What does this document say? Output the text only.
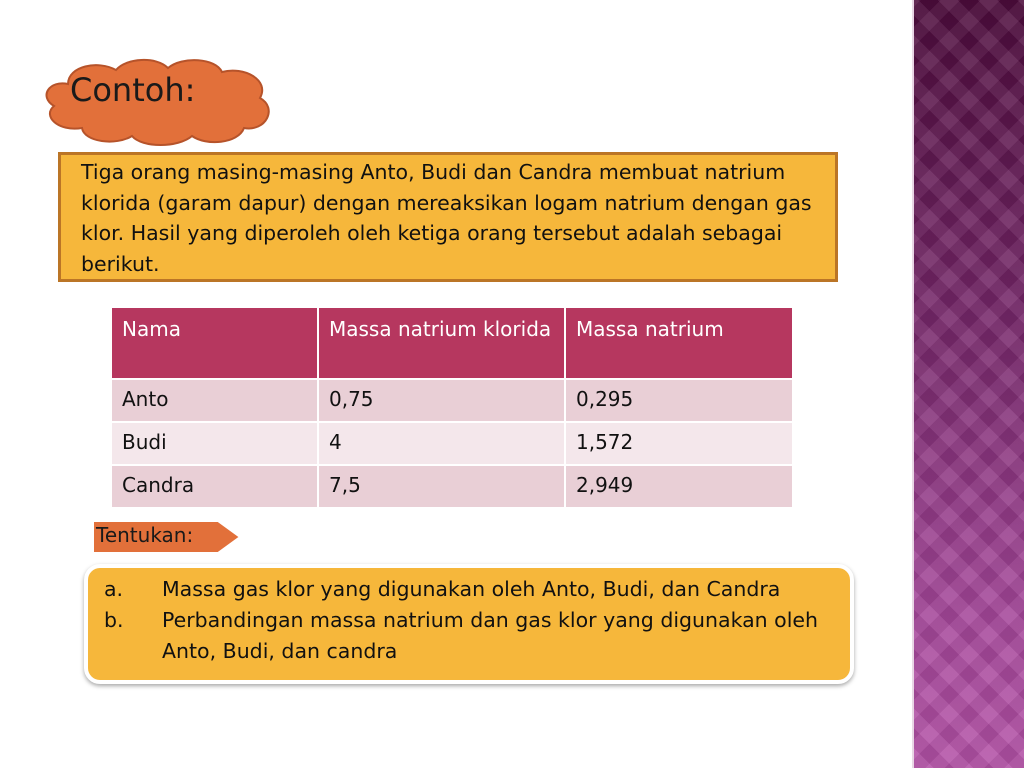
Contoh:
Tiga orang masing-masing Anto, Budi dan Candra membuat natrium klorida (garam dapur) dengan mereaksikan logam natrium dengan gas klor. Hasil yang diperoleh oleh ketiga orang tersebut adalah sebagai berikut.
Nama	Massa natrium klorida	Massa natrium
Anto	0,75	0,295
Budi	4	1,572
Candra	7,5	2,949
Tentukan:
a.	Massa gas klor yang digunakan oleh Anto, Budi, dan Candra
b.	Perbandingan massa natrium dan gas klor yang digunakan oleh Anto, Budi, dan candra
